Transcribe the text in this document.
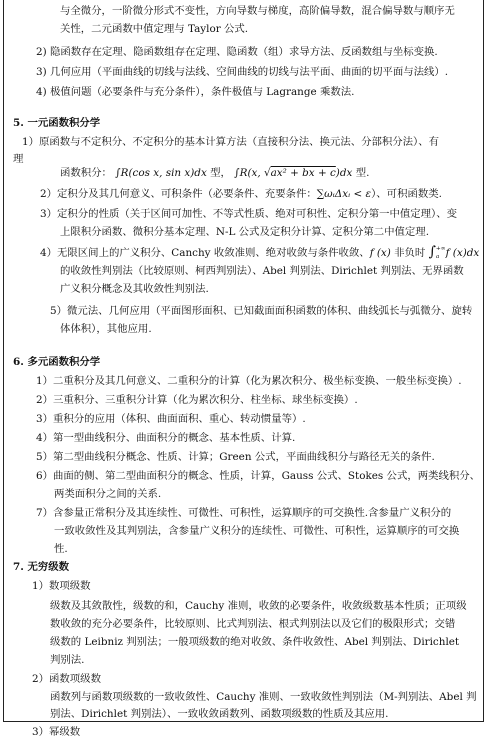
与全微分，一阶微分形式不变性，方向导数与梯度，高阶偏导数，混合偏导数与顺序无
关性，二元函数中值定理与 Taylor 公式.
2) 隐函数存在定理、隐函数组存在定理、隐函数（组）求导方法、反函数组与坐标变换.
3) 几何应用（平面曲线的切线与法线、空间曲线的切线与法平面、曲面的切平面与法线）.
4) 极值问题（必要条件与充分条件），条件极值与 Lagrange 乘数法.
5. 一元函数积分学
1）原函数与不定积分、不定积分的基本计算方法（直接积分法、换元法、分部积分法）、有
理
函数积分： ∫R(cos x, sin x)dx 型， ∫R(x, √ax² + bx + c)dx 型.
2）定积分及其几何意义、可积条件（必要条件、充要条件：∑ωᵢΔxᵢ < ε）、可积函数类.
3）定积分的性质（关于区间可加性、不等式性质、绝对可积性、定积分第一中值定理）、变
上限积分函数、微积分基本定理、N-L 公式及定积分计算、定积分第二中值定理.
4）无限区间上的广义积分、Canchy 收敛准则、绝对收敛与条件收敛、f (x) 非负时 ∫ +∞
a f (x)dx
的收敛性判别法（比较原则、柯西判别法）、Abel 判别法、Dirichlet 判别法、无界函数
广义积分概念及其收敛性判别法.
5）微元法、几何应用（平面图形面积、已知截面面积函数的体积、曲线弧长与弧微分、旋转
体体积），其他应用.
6. 多元函数积分学
1）二重积分及其几何意义、二重积分的计算（化为累次积分、极坐标变换、一般坐标变换）.
2）三重积分、三重积分计算（化为累次积分、柱坐标、球坐标变换）.
3）重积分的应用（体积、曲面面积、重心、转动惯量等）.
4）第一型曲线积分、曲面积分的概念、基本性质、计算.
5）第二型曲线积分概念、性质、计算；Green 公式，平面曲线积分与路径无关的条件.
6）曲面的侧、第二型曲面积分的概念、性质，计算，Gauss 公式、Stokes 公式，两类线积分、
两类面积分之间的关系.
7）含参量正常积分及其连续性、可微性、可积性，运算顺序的可交换性.含参量广义积分的
一致收敛性及其判别法，含参量广义积分的连续性、可微性、可积性，运算顺序的可交换
性.
7. 无穷级数
1）数项级数
级数及其敛散性，级数的和，Cauchy 准则，收敛的必要条件，收敛级数基本性质；正项级
数收敛的充分必要条件，比较原则、比式判别法、根式判别法以及它们的极限形式；交错
级数的 Leibniz 判别法；一般项级数的绝对收敛、条件收敛性、Abel 判别法、Dirichlet
判别法.
2）函数项级数
函数列与函数项级数的一致收敛性、Cauchy 准则、一致收敛性判别法（M-判别法、Abel 判
别法、Dirichlet 判别法）、一致收敛函数列、函数项级数的性质及其应用.
3）幂级数
